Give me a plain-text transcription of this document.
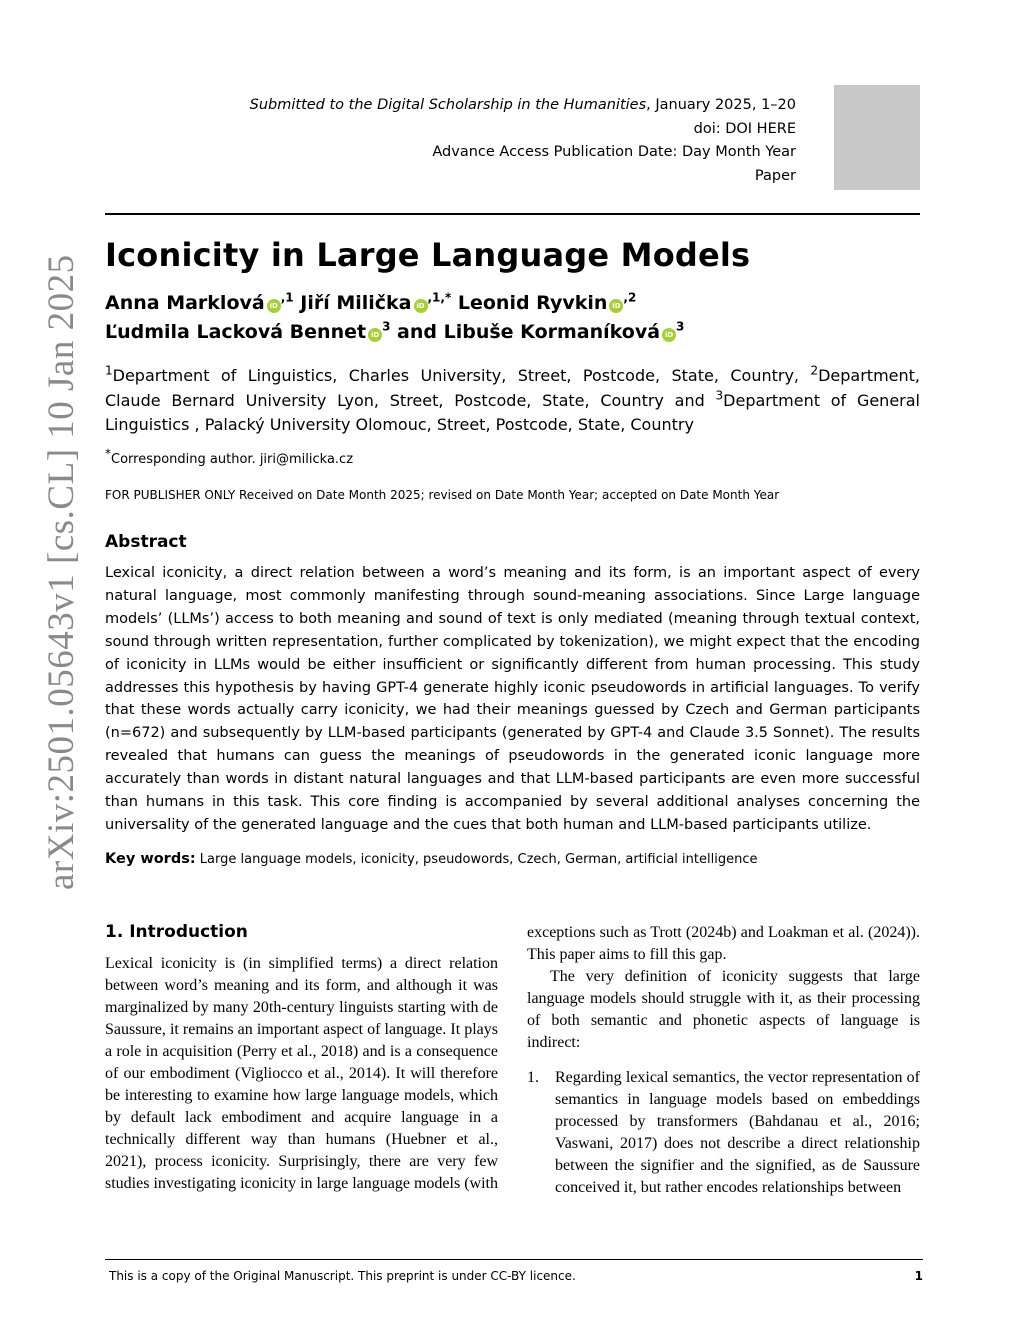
arXiv:2501.05643v1 [cs.CL] 10 Jan 2025
Submitted to the Digital Scholarship in the Humanities, January 2025, 1–20
doi: DOI HERE
Advance Access Publication Date: Day Month Year
Paper
Iconicity in Large Language Models
Anna Marklová $iD^{,1}$ Jiří Milička $iD^{,1,*}$ Leonid Ryvkin $iD^{,2}$
Ľudmila Lacková Bennet $iD^3$ and Libuše Kormaníková $iD^3$
$^1$Department of Linguistics, Charles University, Street, Postcode, State, Country, $^2$Department, Claude Bernard University Lyon, Street, Postcode, State, Country and $^3$Department of General Linguistics , Palacký University Olomouc, Street, Postcode, State, Country
*Corresponding author. jiri@milicka.cz
FOR PUBLISHER ONLY Received on Date Month 2025; revised on Date Month Year; accepted on Date Month Year
Abstract

Lexical iconicity, a direct relation between a word’s meaning and its form, is an important aspect of every natural language, most commonly manifesting through sound-meaning associations. Since Large language models’ (LLMs’) access to both meaning and sound of text is only mediated (meaning through textual context, sound through written representation, further complicated by tokenization), we might expect that the encoding of iconicity in LLMs would be either insufficient or significantly different from human processing. This study addresses this hypothesis by having GPT-4 generate highly iconic pseudowords in artificial languages. To verify that these words actually carry iconicity, we had their meanings guessed by Czech and German participants (n=672) and subsequently by LLM-based participants (generated by GPT-4 and Claude 3.5 Sonnet). The results revealed that humans can guess the meanings of pseudowords in the generated iconic language more accurately than words in distant natural languages and that LLM-based participants are even more successful than humans in this task. This core finding is accompanied by several additional analyses concerning the universality of the generated language and the cues that both human and LLM-based participants utilize.

Key words: Large language models, iconicity, pseudowords, Czech, German, artificial intelligence
1. Introduction

Lexical iconicity is (in simplified terms) a direct relation between word’s meaning and its form, and although it was marginalized by many 20th-century linguists starting with de Saussure, it remains an important aspect of language. It plays a role in acquisition (Perry et al., 2018) and is a consequence of our embodiment (Vigliocco et al., 2014). It will therefore be interesting to examine how large language models, which by default lack embodiment and acquire language in a technically different way than humans (Huebner et al., 2021), process iconicity. Surprisingly, there are very few studies investigating iconicity in large language models (with

exceptions such as Trott (2024b) and Loakman et al. (2024)). This paper aims to fill this gap.

The very definition of iconicity suggests that large language models should struggle with it, as their processing of both semantic and phonetic aspects of language is indirect:

1.	Regarding lexical semantics, the vector representation of semantics in language models based on embeddings processed by transformers (Bahdanau et al., 2016; Vaswani, 2017) does not describe a direct relationship between the signifier and the signified, as de Saussure conceived it, but rather encodes relationships between
This is a copy of the Original Manuscript. This preprint is under CC-BY licence.	1
